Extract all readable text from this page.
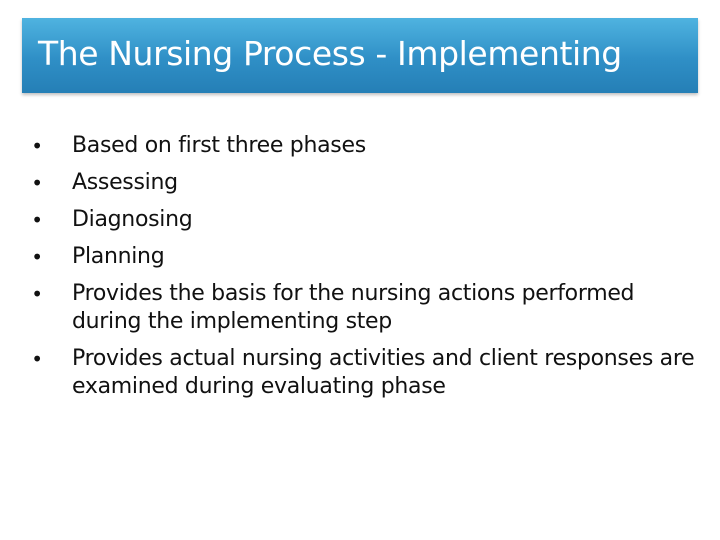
The Nursing Process - Implementing
• Based on first three phases
• Assessing
• Diagnosing
• Planning
• Provides the basis for the nursing actions performed during the implementing step
• Provides actual nursing activities and client responses are examined during evaluating phase
